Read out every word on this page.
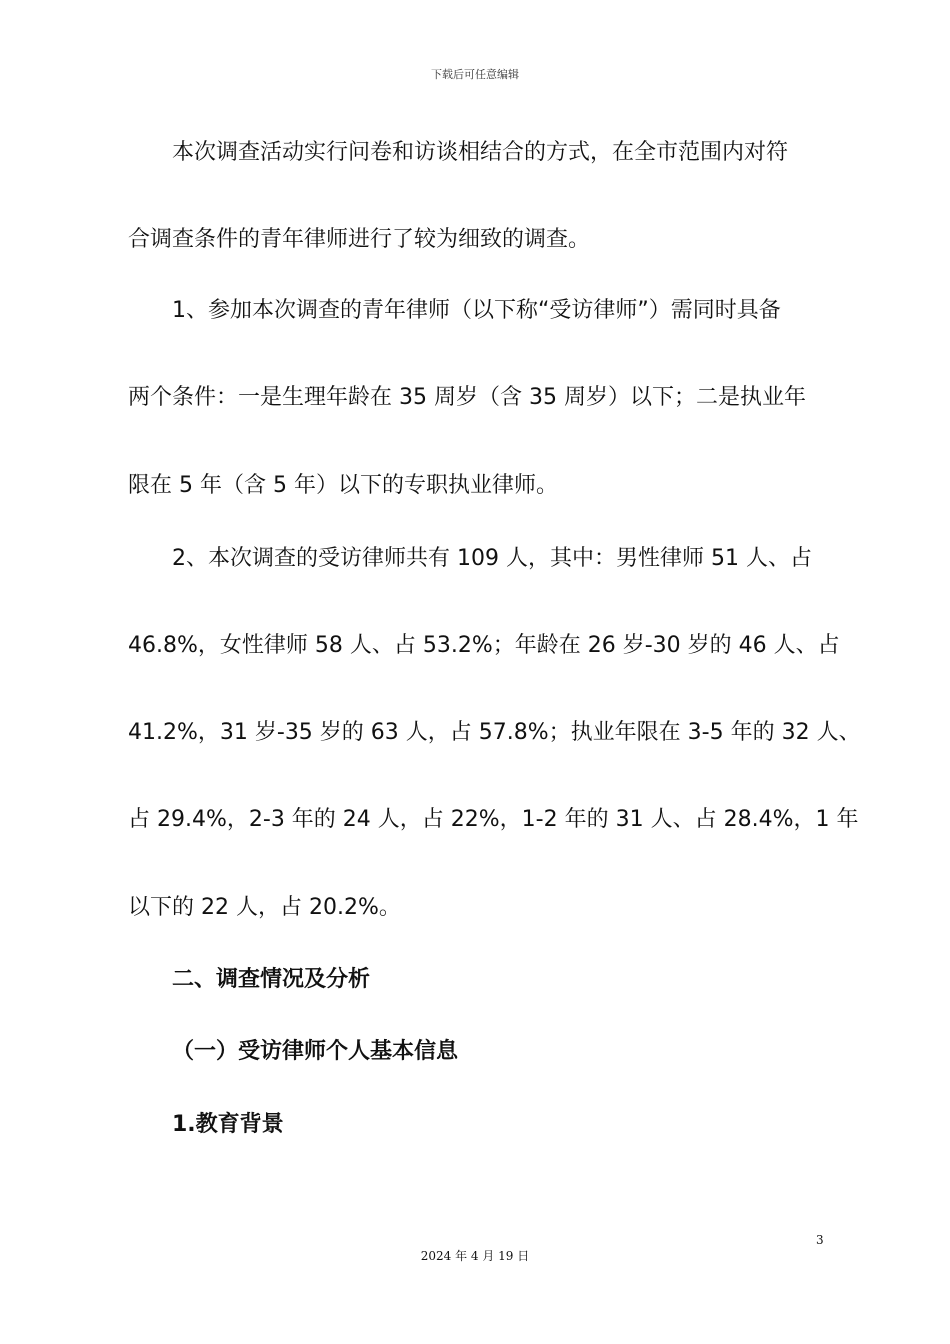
下载后可任意编辑
本次调查活动实行问卷和访谈相结合的方式，在全市范围内对符
合调查条件的青年律师进行了较为细致的调查。
1、参加本次调查的青年律师（以下称“受访律师”）需同时具备
两个条件：一是生理年龄在 35 周岁（含 35 周岁）以下；二是执业年
限在 5 年（含 5 年）以下的专职执业律师。
2、本次调查的受访律师共有 109 人，其中：男性律师 51 人、占
46.8%，女性律师 58 人、占 53.2%；年龄在 26 岁-30 岁的 46 人、占
41.2%，31 岁-35 岁的 63 人，占 57.8%；执业年限在 3-5 年的 32 人、
占 29.4%，2-3 年的 24 人，占 22%，1-2 年的 31 人、占 28.4%，1 年
以下的 22 人，占 20.2%。
二、调查情况及分析
（一）受访律师个人基本信息
1.教育背景
3
2024 年 4 月 19 日
